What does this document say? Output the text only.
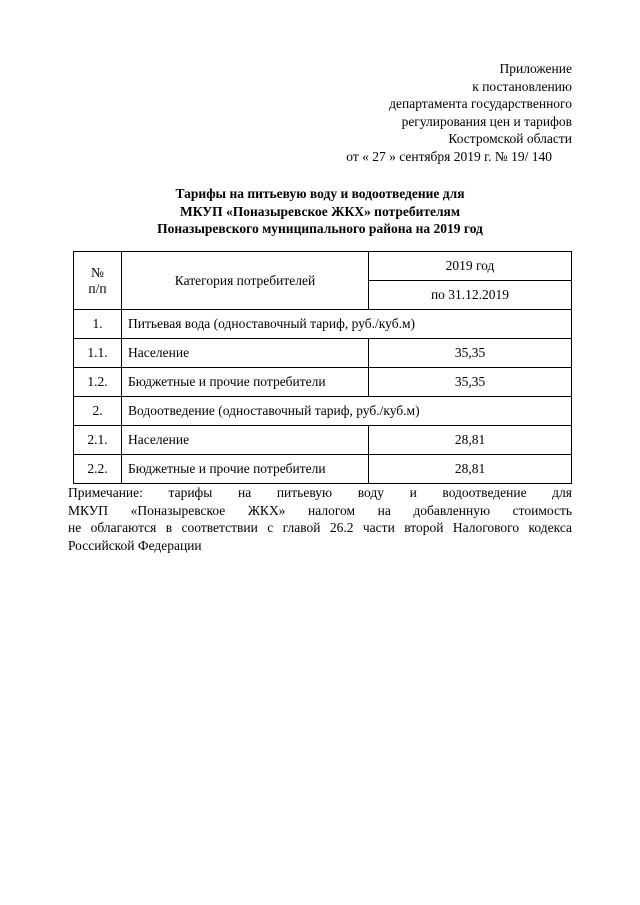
Приложение
к постановлению
департамента государственного
регулирования цен и тарифов
Костромской области
от « 27 » сентября 2019 г. № 19/ 140
Тарифы на питьевую воду и водоотведение для
МКУП «Поназыревское ЖКХ» потребителям
Поназыревского муниципального района на 2019 год
№
п/п	Категория потребителей	2019 год
		по 31.12.2019
1.	Питьевая вода (одноставочный тариф, руб./куб.м)	
1.1.	Население	35,35
1.2.	Бюджетные и прочие потребители	35,35
2.	Водоотведение (одноставочный тариф, руб./куб.м)	
2.1.	Население	28,81
2.2.	Бюджетные и прочие потребители	28,81
Примечание: тарифы на питьевую воду и водоотведение для
МКУП «Поназыревское ЖКХ» налогом на добавленную стоимость
не облагаются в соответствии с главой 26.2 части второй Налогового кодекса
Российской Федерации
